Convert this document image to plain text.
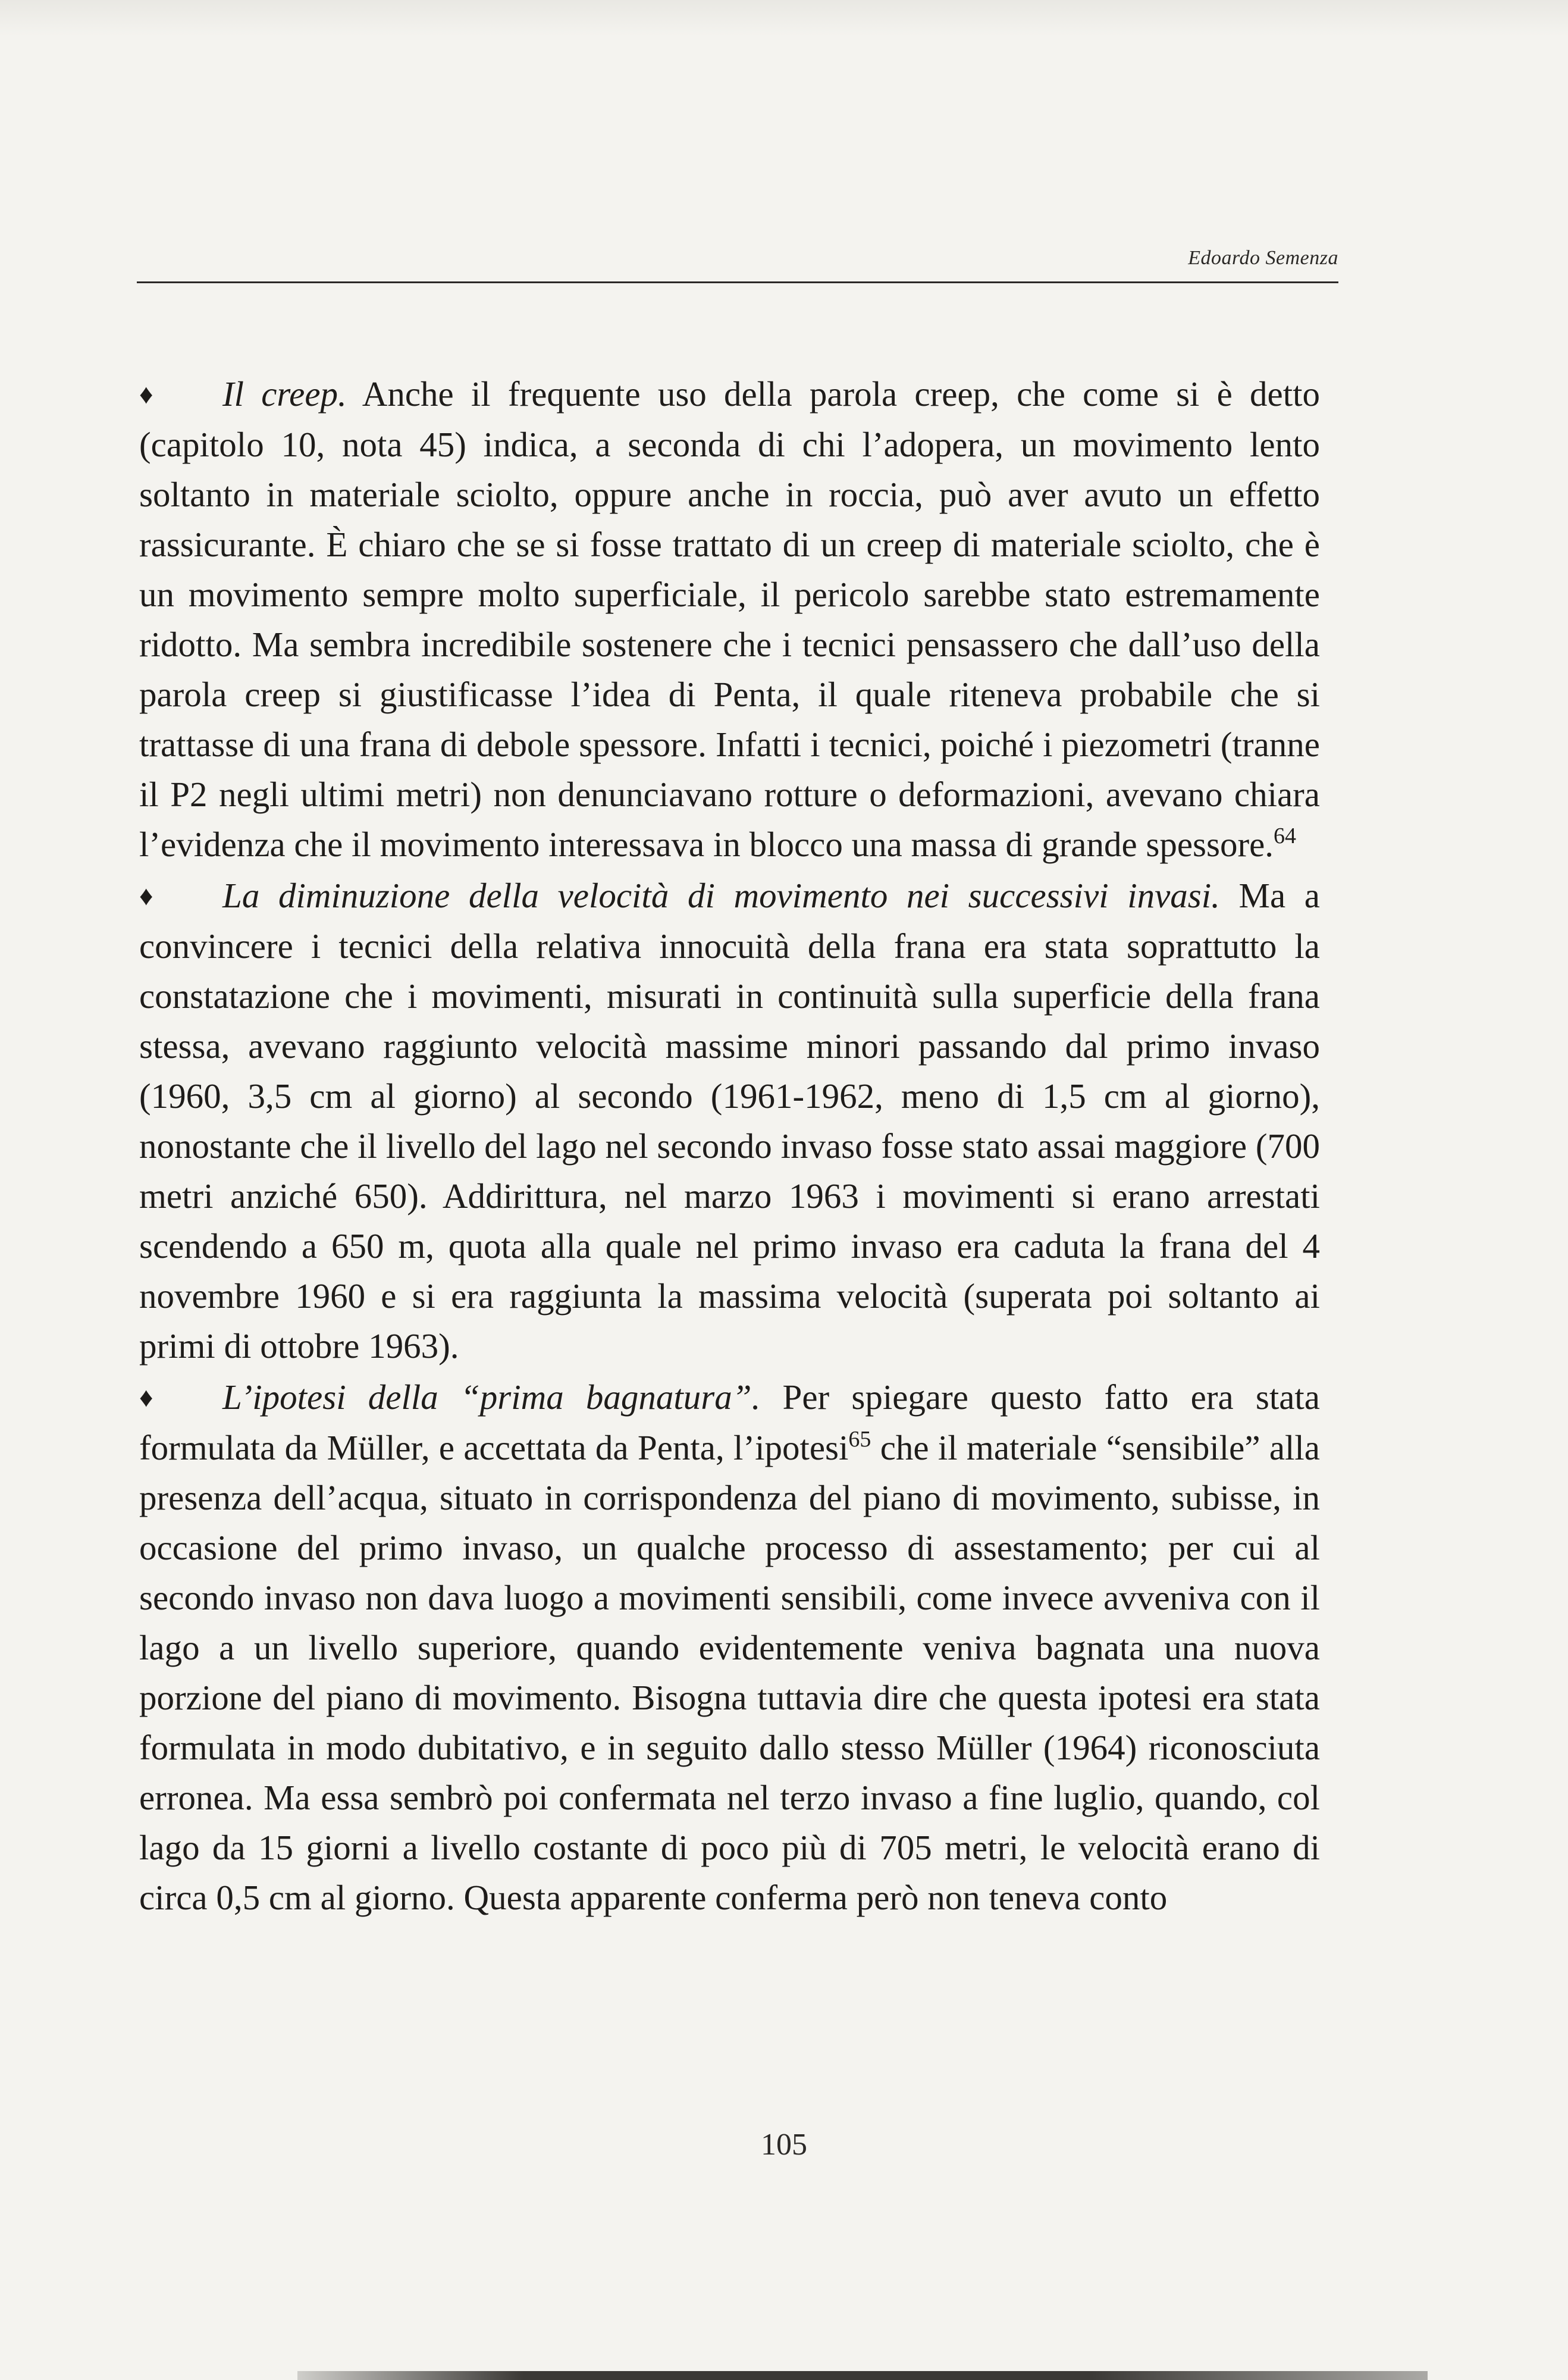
Edoardo Semenza

♦ Il creep. Anche il frequente uso della parola creep, che come si è detto (capitolo 10, nota 45) indica, a seconda di chi l’adopera, un movimento lento soltanto in materiale sciolto, oppure anche in roccia, può aver avuto un effetto rassicurante. È chiaro che se si fosse trattato di un creep di materiale sciolto, che è un movimento sempre molto superficiale, il pericolo sarebbe stato estremamente ridotto. Ma sembra incredibile sostenere che i tecnici pensassero che dall’uso della parola creep si giustificasse l’idea di Penta, il quale riteneva probabile che si trattasse di una frana di debole spessore. Infatti i tecnici, poiché i piezometri (tranne il P2 negli ultimi metri) non denunciavano rotture o deformazioni, avevano chiara l’evidenza che il movimento interessava in blocco una massa di grande spessore.$^{64}$

♦ La diminuzione della velocità di movimento nei successivi invasi. Ma a convincere i tecnici della relativa innocuità della frana era stata soprattutto la constatazione che i movimenti, misurati in continuità sulla superficie della frana stessa, avevano raggiunto velocità massime minori passando dal primo invaso (1960, 3,5 cm al giorno) al secondo (1961-1962, meno di 1,5 cm al giorno), nonostante che il livello del lago nel secondo invaso fosse stato assai maggiore (700 metri anziché 650). Addirittura, nel marzo 1963 i movimenti si erano arrestati scendendo a 650 m, quota alla quale nel primo invaso era caduta la frana del 4 novembre 1960 e si era raggiunta la massima velocità (superata poi soltanto ai primi di ottobre 1963).

♦ L’ipotesi della “prima bagnatura”. Per spiegare questo fatto era stata formulata da Müller, e accettata da Penta, l’ipotesi$^{65}$ che il materiale “sensibile” alla presenza dell’acqua, situato in corrispondenza del piano di movimento, subisse, in occasione del primo invaso, un qualche processo di assestamento; per cui al secondo invaso non dava luogo a movimenti sensibili, come invece avveniva con il lago a un livello superiore, quando evidentemente veniva bagnata una nuova porzione del piano di movimento. Bisogna tuttavia dire che questa ipotesi era stata formulata in modo dubitativo, e in seguito dallo stesso Müller (1964) riconosciuta erronea. Ma essa sembrò poi confermata nel terzo invaso a fine luglio, quando, col lago da 15 giorni a livello costante di poco più di 705 metri, le velocità erano di circa 0,5 cm al giorno. Questa apparente conferma però non teneva conto

105
